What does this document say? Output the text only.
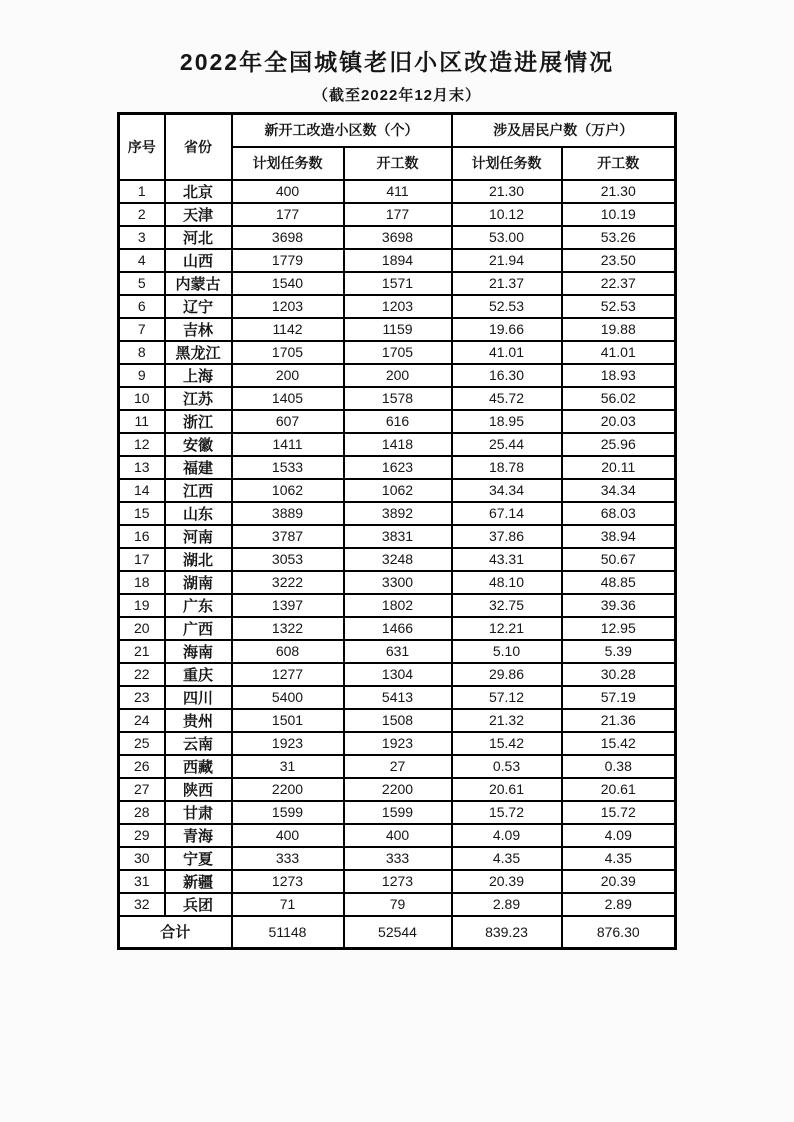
2022年全国城镇老旧小区改造进展情况
（截至2022年12月末）
序号	省份	新开工改造小区数（个）		涉及居民户数（万户）	
		计划任务数	开工数	计划任务数	开工数
1	北京	400	411	21.30	21.30
2	天津	177	177	10.12	10.19
3	河北	3698	3698	53.00	53.26
4	山西	1779	1894	21.94	23.50
5	内蒙古	1540	1571	21.37	22.37
6	辽宁	1203	1203	52.53	52.53
7	吉林	1142	1159	19.66	19.88
8	黑龙江	1705	1705	41.01	41.01
9	上海	200	200	16.30	18.93
10	江苏	1405	1578	45.72	56.02
11	浙江	607	616	18.95	20.03
12	安徽	1411	1418	25.44	25.96
13	福建	1533	1623	18.78	20.11
14	江西	1062	1062	34.34	34.34
15	山东	3889	3892	67.14	68.03
16	河南	3787	3831	37.86	38.94
17	湖北	3053	3248	43.31	50.67
18	湖南	3222	3300	48.10	48.85
19	广东	1397	1802	32.75	39.36
20	广西	1322	1466	12.21	12.95
21	海南	608	631	5.10	5.39
22	重庆	1277	1304	29.86	30.28
23	四川	5400	5413	57.12	57.19
24	贵州	1501	1508	21.32	21.36
25	云南	1923	1923	15.42	15.42
26	西藏	31	27	0.53	0.38
27	陕西	2200	2200	20.61	20.61
28	甘肃	1599	1599	15.72	15.72
29	青海	400	400	4.09	4.09
30	宁夏	333	333	4.35	4.35
31	新疆	1273	1273	20.39	20.39
32	兵团	71	79	2.89	2.89
合计		51148	52544	839.23	876.30
